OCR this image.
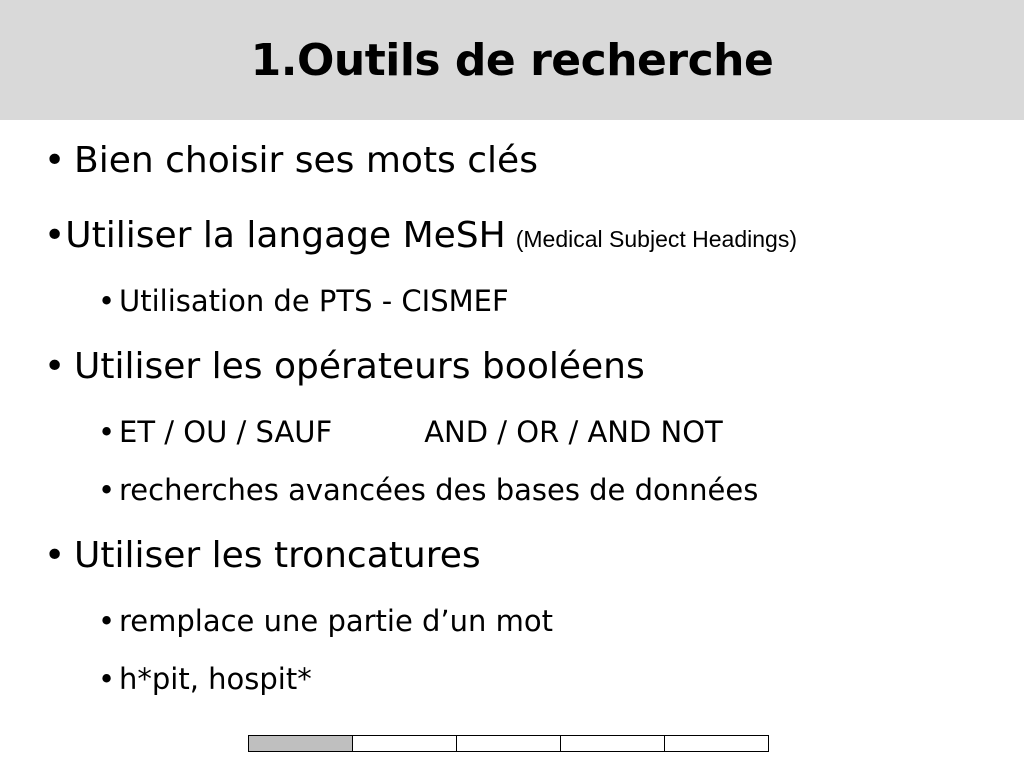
1.Outils de recherche
• Bien choisir ses mots clés
• Utiliser la langage MeSH (Medical Subject Headings)
• Utilisation de PTS - CISMEF
• Utiliser les opérateurs booléens
• ET / OU / SAUF	AND / OR / AND NOT
• recherches avancées des bases de données
• Utiliser les troncatures
• remplace une partie d’un mot
• h*pit, hospit*
